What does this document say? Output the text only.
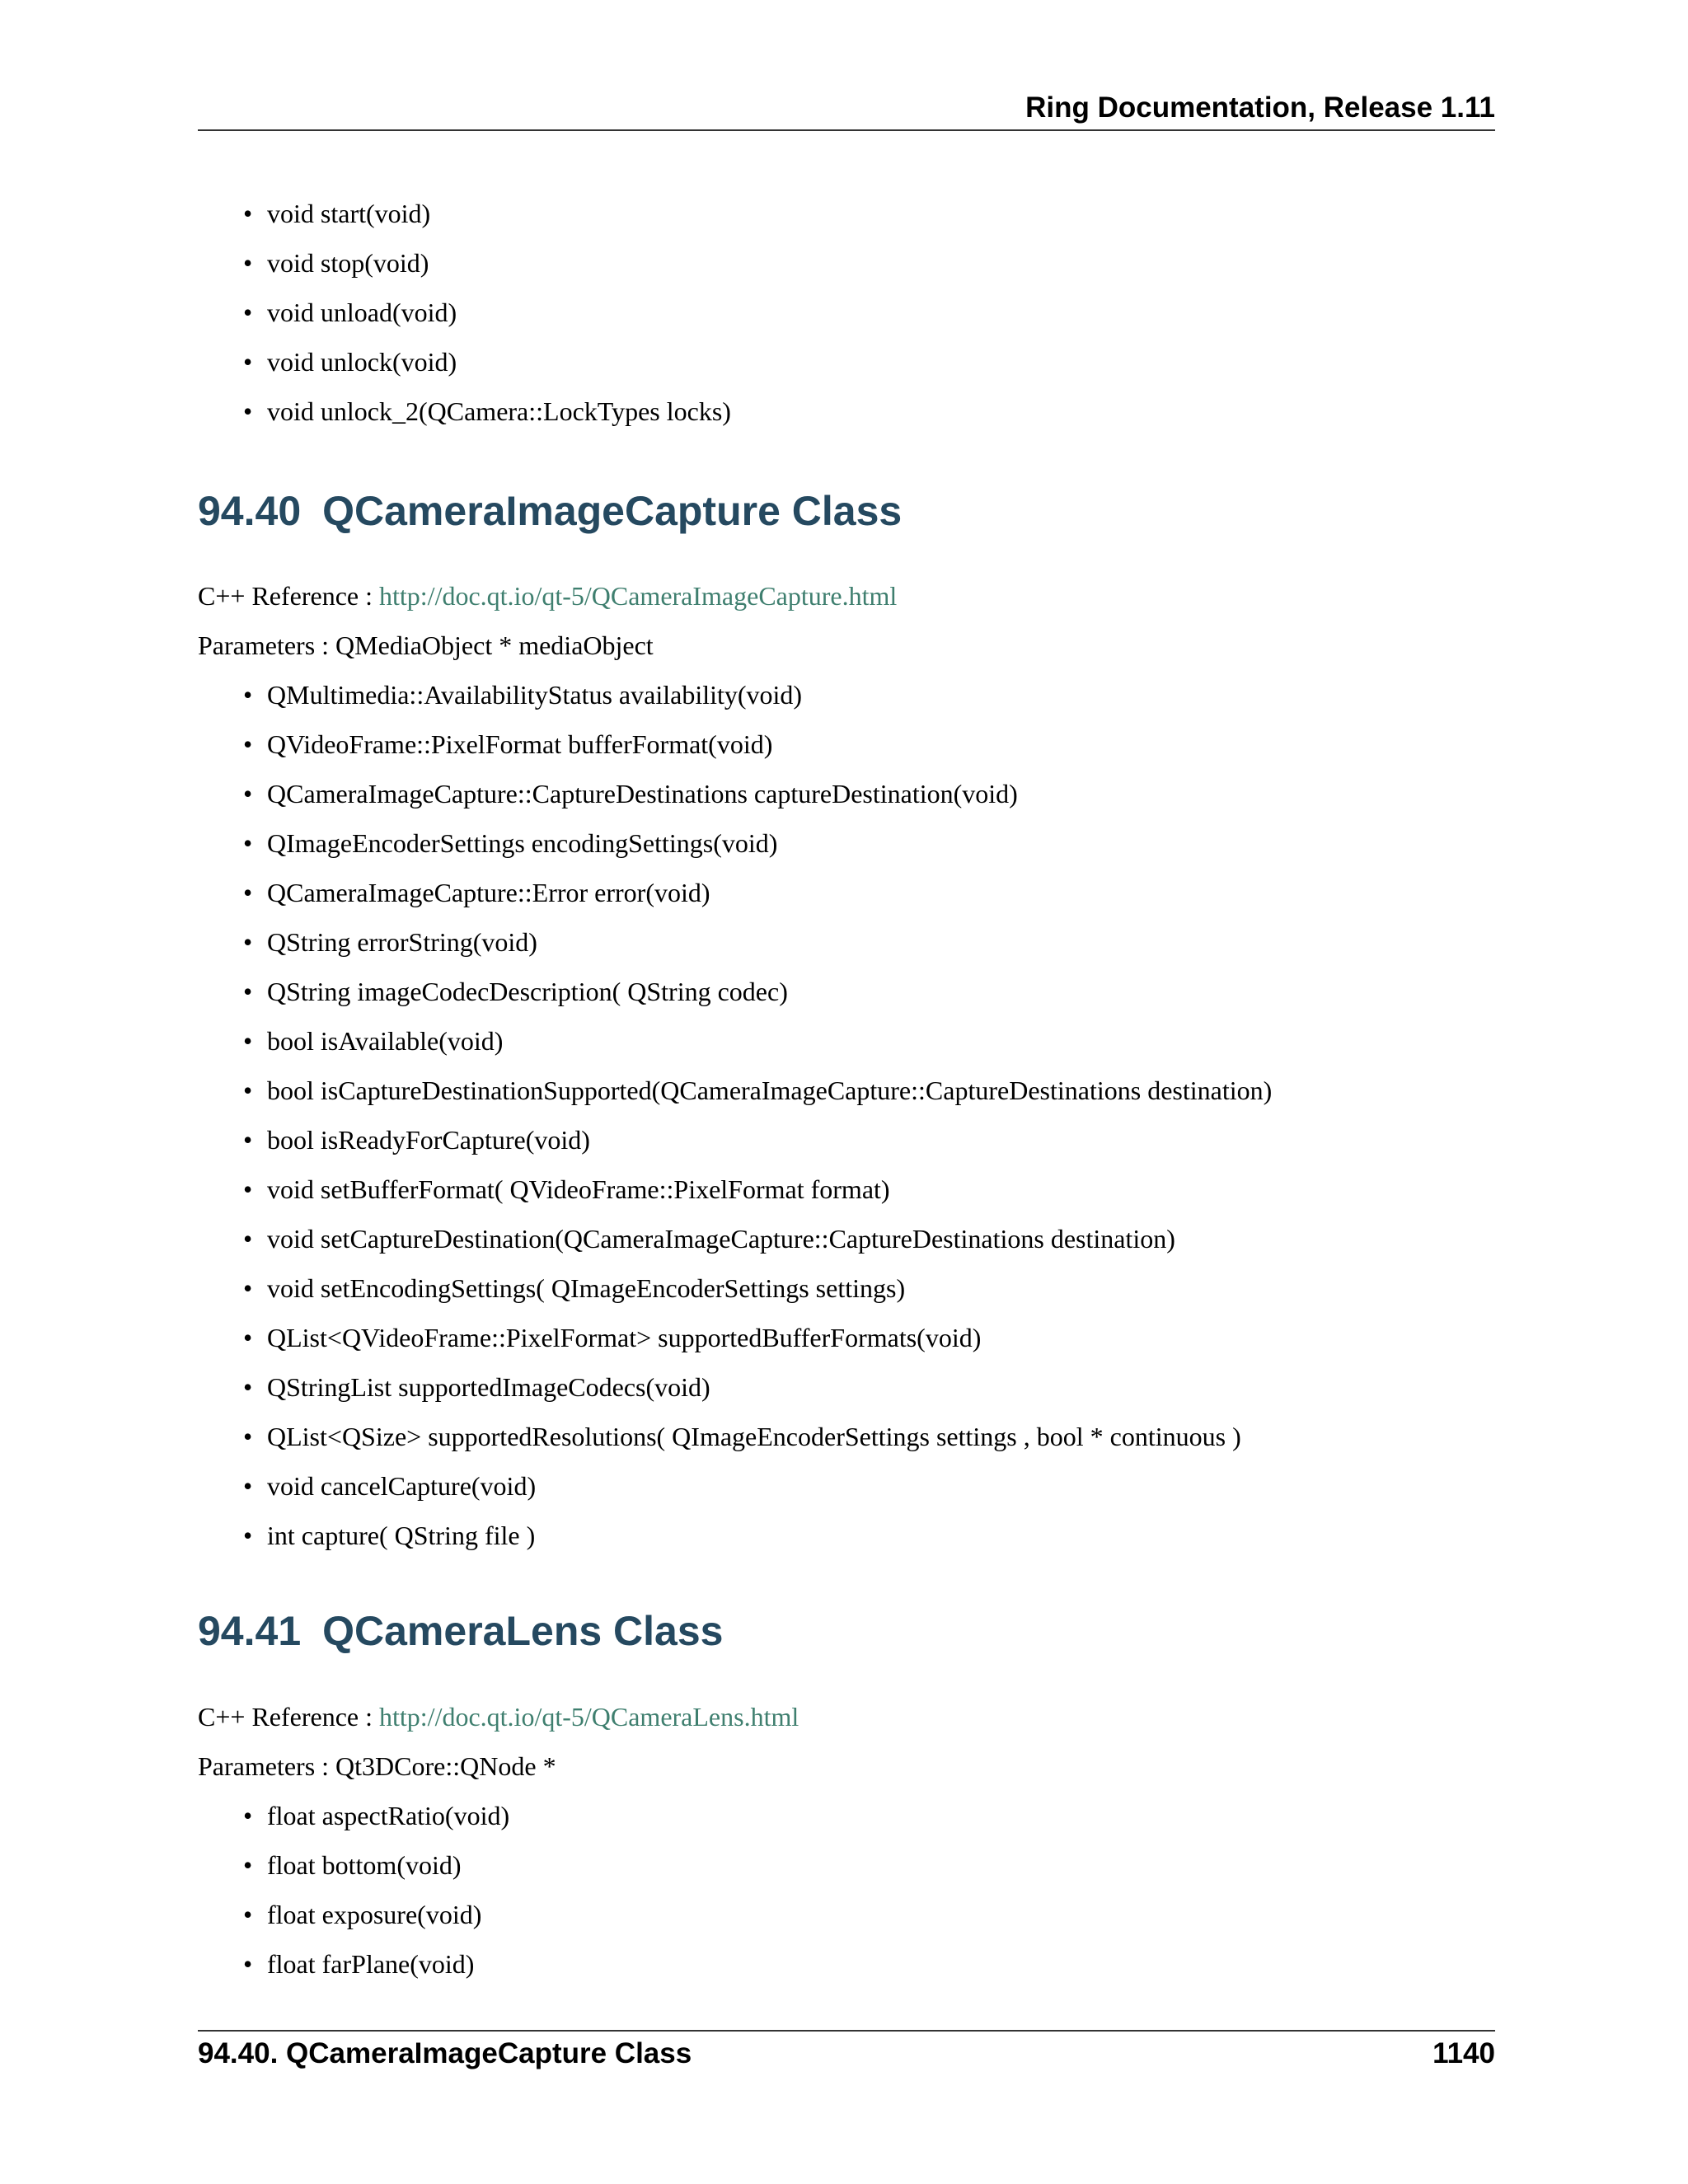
Ring Documentation, Release 1.11
• void start(void)
• void stop(void)
• void unload(void)
• void unlock(void)
• void unlock_2(QCamera::LockTypes locks)
94.40 QCameraImageCapture Class

C++ Reference : http://doc.qt.io/qt-5/QCameraImageCapture.html

Parameters : QMediaObject * mediaObject

• QMultimedia::AvailabilityStatus availability(void)
• QVideoFrame::PixelFormat bufferFormat(void)
• QCameraImageCapture::CaptureDestinations captureDestination(void)
• QImageEncoderSettings encodingSettings(void)
• QCameraImageCapture::Error error(void)
• QString errorString(void)
• QString imageCodecDescription( QString codec)
• bool isAvailable(void)
• bool isCaptureDestinationSupported(QCameraImageCapture::CaptureDestinations destination)
• bool isReadyForCapture(void)
• void setBufferFormat( QVideoFrame::PixelFormat format)
• void setCaptureDestination(QCameraImageCapture::CaptureDestinations destination)
• void setEncodingSettings( QImageEncoderSettings settings)
• QList<QVideoFrame::PixelFormat> supportedBufferFormats(void)
• QStringList supportedImageCodecs(void)
• QList<QSize> supportedResolutions( QImageEncoderSettings settings , bool * continuous )
• void cancelCapture(void)
• int capture( QString file )
94.41 QCameraLens Class

C++ Reference : http://doc.qt.io/qt-5/QCameraLens.html

Parameters : Qt3DCore::QNode *

• float aspectRatio(void)
• float bottom(void)
• float exposure(void)
• float farPlane(void)
94.40. QCameraImageCapture Class	1140
